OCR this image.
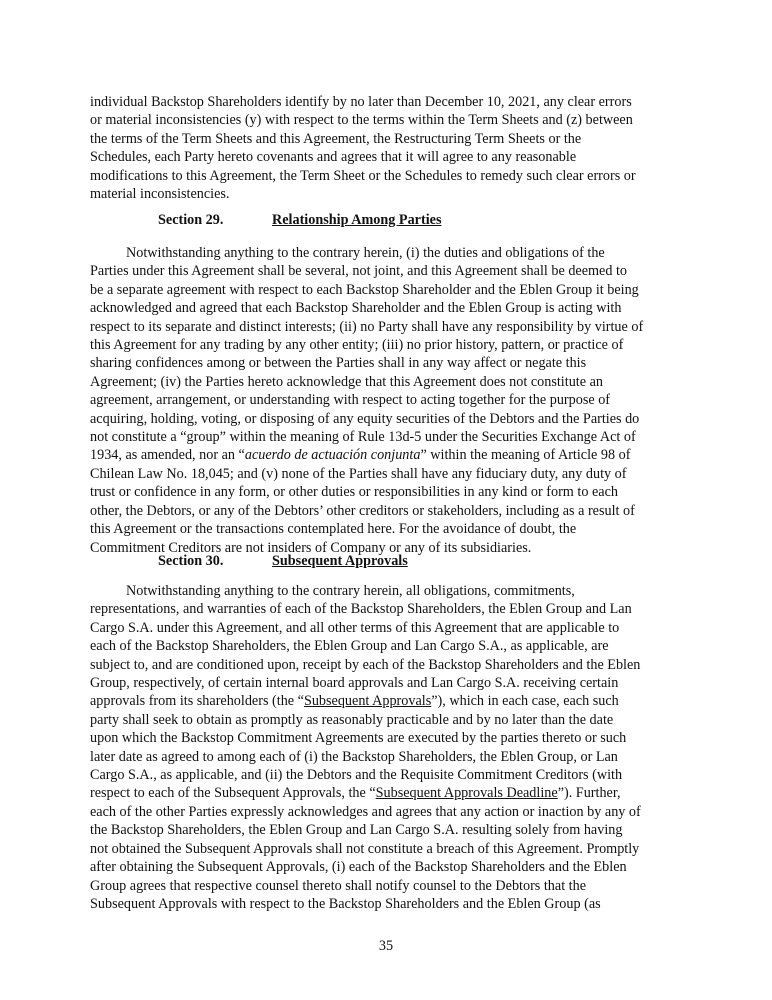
individual Backstop Shareholders identify by no later than December 10, 2021, any clear errors
or material inconsistencies (y) with respect to the terms within the Term Sheets and (z) between
the terms of the Term Sheets and this Agreement, the Restructuring Term Sheets or the
Schedules, each Party hereto covenants and agrees that it will agree to any reasonable
modifications to this Agreement, the Term Sheet or the Schedules to remedy such clear errors or
material inconsistencies.

Section 29.	Relationship Among Parties

Notwithstanding anything to the contrary herein, (i) the duties and obligations of the
Parties under this Agreement shall be several, not joint, and this Agreement shall be deemed to
be a separate agreement with respect to each Backstop Shareholder and the Eblen Group it being
acknowledged and agreed that each Backstop Shareholder and the Eblen Group is acting with
respect to its separate and distinct interests; (ii) no Party shall have any responsibility by virtue of
this Agreement for any trading by any other entity; (iii) no prior history, pattern, or practice of
sharing confidences among or between the Parties shall in any way affect or negate this
Agreement; (iv) the Parties hereto acknowledge that this Agreement does not constitute an
agreement, arrangement, or understanding with respect to acting together for the purpose of
acquiring, holding, voting, or disposing of any equity securities of the Debtors and the Parties do
not constitute a “group” within the meaning of Rule 13d-5 under the Securities Exchange Act of
1934, as amended, nor an “acuerdo de actuación conjunta” within the meaning of Article 98 of
Chilean Law No. 18,045; and (v) none of the Parties shall have any fiduciary duty, any duty of
trust or confidence in any form, or other duties or responsibilities in any kind or form to each
other, the Debtors, or any of the Debtors’ other creditors or stakeholders, including as a result of
this Agreement or the transactions contemplated here. For the avoidance of doubt, the
Commitment Creditors are not insiders of Company or any of its subsidiaries.

Section 30.	Subsequent Approvals

Notwithstanding anything to the contrary herein, all obligations, commitments,
representations, and warranties of each of the Backstop Shareholders, the Eblen Group and Lan
Cargo S.A. under this Agreement, and all other terms of this Agreement that are applicable to
each of the Backstop Shareholders, the Eblen Group and Lan Cargo S.A., as applicable, are
subject to, and are conditioned upon, receipt by each of the Backstop Shareholders and the Eblen
Group, respectively, of certain internal board approvals and Lan Cargo S.A. receiving certain
approvals from its shareholders (the “Subsequent Approvals”), which in each case, each such
party shall seek to obtain as promptly as reasonably practicable and by no later than the date
upon which the Backstop Commitment Agreements are executed by the parties thereto or such
later date as agreed to among each of (i) the Backstop Shareholders, the Eblen Group, or Lan
Cargo S.A., as applicable, and (ii) the Debtors and the Requisite Commitment Creditors (with
respect to each of the Subsequent Approvals, the “Subsequent Approvals Deadline”). Further,
each of the other Parties expressly acknowledges and agrees that any action or inaction by any of
the Backstop Shareholders, the Eblen Group and Lan Cargo S.A. resulting solely from having
not obtained the Subsequent Approvals shall not constitute a breach of this Agreement. Promptly
after obtaining the Subsequent Approvals, (i) each of the Backstop Shareholders and the Eblen
Group agrees that respective counsel thereto shall notify counsel to the Debtors that the
Subsequent Approvals with respect to the Backstop Shareholders and the Eblen Group (as

35
